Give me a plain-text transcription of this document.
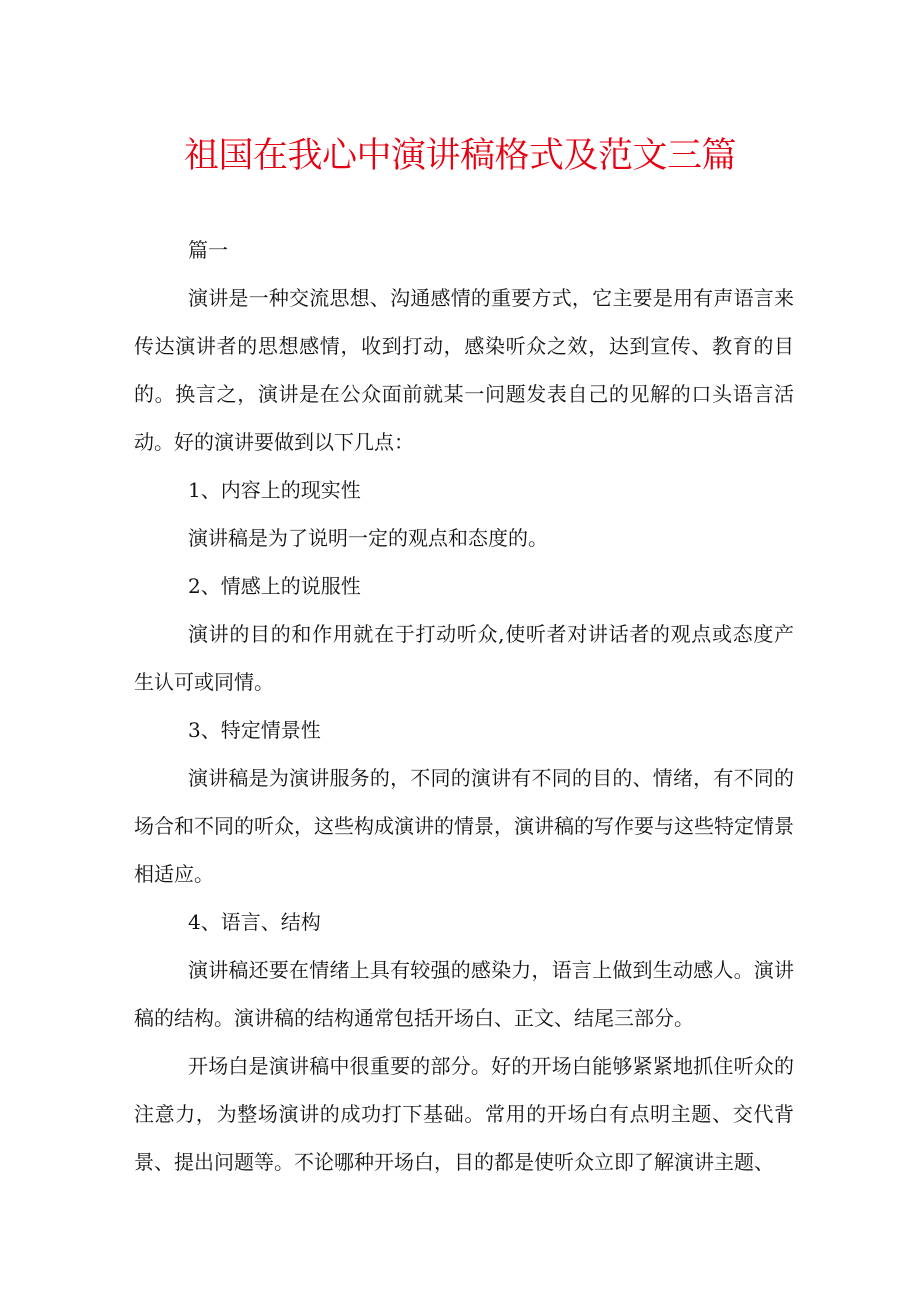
祖国在我心中演讲稿格式及范文三篇

篇一

演讲是一种交流思想、沟通感情的重要方式，它主要是用有声语言来传达演讲者的思想感情，收到打动，感染听众之效，达到宣传、教育的目的。换言之，演讲是在公众面前就某一问题发表自己的见解的口头语言活动。好的演讲要做到以下几点：

1、内容上的现实性

演讲稿是为了说明一定的观点和态度的。

2、情感上的说服性

演讲的目的和作用就在于打动听众,使听者对讲话者的观点或态度产生认可或同情。

3、特定情景性

演讲稿是为演讲服务的，不同的演讲有不同的目的、情绪，有不同的场合和不同的听众，这些构成演讲的情景，演讲稿的写作要与这些特定情景相适应。

4、语言、结构

演讲稿还要在情绪上具有较强的感染力，语言上做到生动感人。演讲稿的结构。演讲稿的结构通常包括开场白、正文、结尾三部分。

开场白是演讲稿中很重要的部分。好的开场白能够紧紧地抓住听众的注意力，为整场演讲的成功打下基础。常用的开场白有点明主题、交代背景、提出问题等。不论哪种开场白，目的都是使听众立即了解演讲主题、
